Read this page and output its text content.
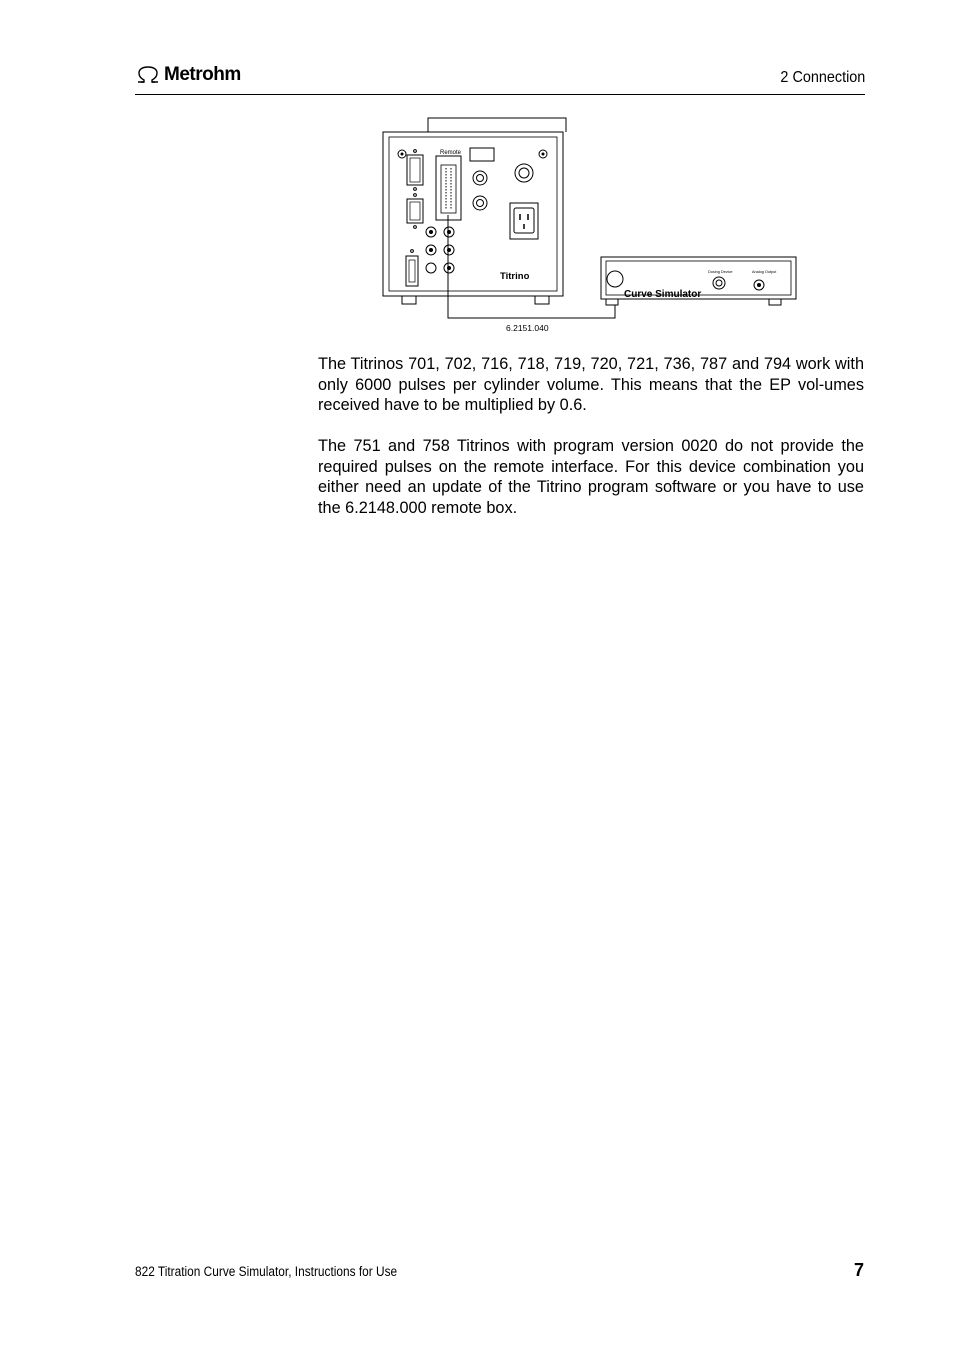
Metrohm	2 Connection
Remote
Titrino
6.2151.040
Dosing Device	Analog Output
Curve Simulator

The Titrinos 701, 702, 716, 718, 719, 720, 721, 736, 787 and 794 work with only 6000 pulses per cylinder volume. This means that the EP vol-umes received have to be multiplied by 0.6.

The 751 and 758 Titrinos with program version 0020 do not provide the required pulses on the remote interface. For this device combination you either need an update of the Titrino program software or you have to use the 6.2148.000 remote box.

822 Titration Curve Simulator, Instructions for Use	7
